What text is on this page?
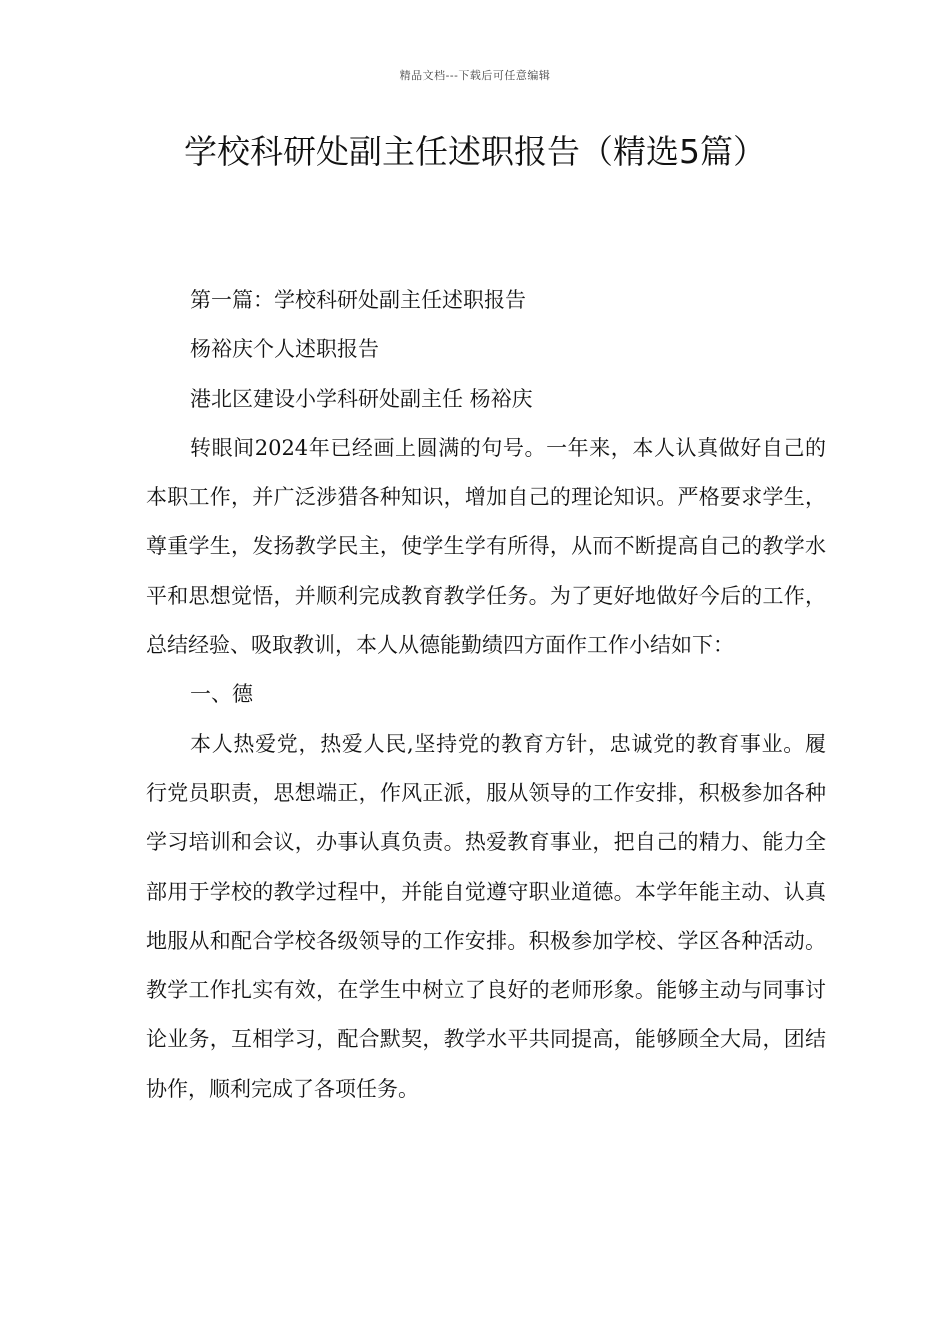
精品文档---下载后可任意编辑
学校科研处副主任述职报告（精选5篇）

第一篇：学校科研处副主任述职报告

杨裕庆个人述职报告

港北区建设小学科研处副主任 杨裕庆

转眼间2024年已经画上圆满的句号。一年来，本人认真做好自己的本职工作，并广泛涉猎各种知识，增加自己的理论知识。严格要求学生，尊重学生，发扬教学民主，使学生学有所得，从而不断提高自己的教学水平和思想觉悟，并顺利完成教育教学任务。为了更好地做好今后的工作，总结经验、吸取教训，本人从德能勤绩四方面作工作小结如下：

一、德

本人热爱党，热爱人民,坚持党的教育方针，忠诚党的教育事业。履行党员职责，思想端正，作风正派，服从领导的工作安排，积极参加各种学习培训和会议，办事认真负责。热爱教育事业，把自己的精力、能力全部用于学校的教学过程中，并能自觉遵守职业道德。本学年能主动、认真地服从和配合学校各级领导的工作安排。积极参加学校、学区各种活动。教学工作扎实有效，在学生中树立了良好的老师形象。能够主动与同事讨论业务，互相学习，配合默契，教学水平共同提高，能够顾全大局，团结协作，顺利完成了各项任务。
